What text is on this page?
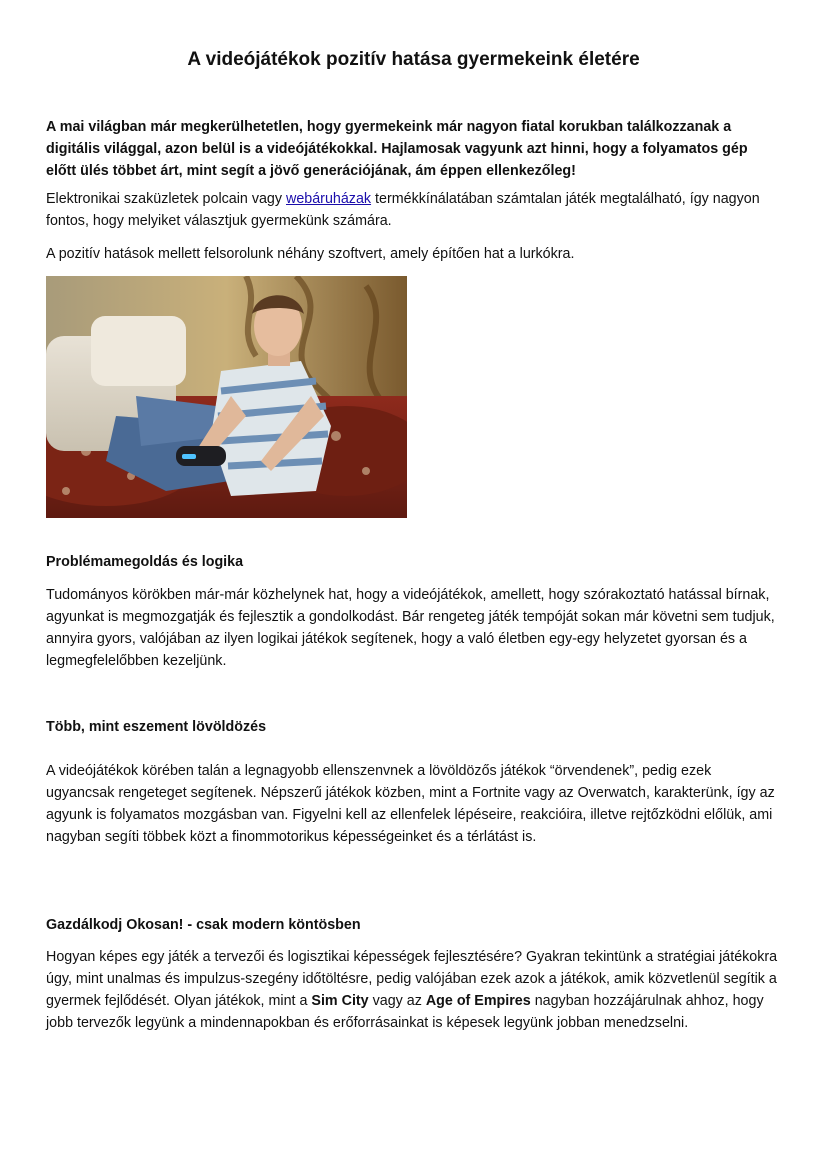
A videójátékok pozitív hatása gyermekeink életére

A mai világban már megkerülhetetlen, hogy gyermekeink már nagyon fiatal korukban találkozzanak a digitális világgal, azon belül is a videójátékokkal. Hajlamosak vagyunk azt hinni, hogy a folyamatos gép előtt ülés többet árt, mint segít a jövő generációjának, ám éppen ellenkezőleg!

Elektronikai szaküzletek polcain vagy webáruházak termékkínálatában számtalan játék megtalálható, így nagyon fontos, hogy melyiket választjuk gyermekünk számára.

A pozitív hatások mellett felsorolunk néhány szoftvert, amely építően hat a lurkókra.

Problémamegoldás és logika

Tudományos körökben már-már közhelynek hat, hogy a videójátékok, amellett, hogy szórakoztató hatással bírnak, agyunkat is megmozgatják és fejlesztik a gondolkodást. Bár rengeteg játék tempóját sokan már követni sem tudjuk, annyira gyors, valójában az ilyen logikai játékok segítenek, hogy a való életben egy-egy helyzetet gyorsan és a legmegfelelőbben kezeljünk.

Több, mint eszement lövöldözés

A videójátékok körében talán a legnagyobb ellenszenvnek a lövöldözős játékok “örvendenek”, pedig ezek ugyancsak rengeteget segítenek. Népszerű játékok közben, mint a Fortnite vagy az Overwatch, karakterünk, így az agyunk is folyamatos mozgásban van. Figyelni kell az ellenfelek lépéseire, reakcióira, illetve rejtőzködni előlük, ami nagyban segíti többek közt a finommotorikus képességeinket és a térlátást is.

Gazdálkodj Okosan! - csak modern köntösben

Hogyan képes egy játék a tervezői és logisztikai képességek fejlesztésére? Gyakran tekintünk a stratégiai játékokra úgy, mint unalmas és impulzus-szegény időtöltésre, pedig valójában ezek azok a játékok, amik közvetlenül segítik a gyermek fejlődését. Olyan játékok, mint a Sim City vagy az Age of Empires nagyban hozzájárulnak ahhoz, hogy jobb tervezők legyünk a mindennapokban és erőforrásainkat is képesek legyünk jobban menedzselni.
